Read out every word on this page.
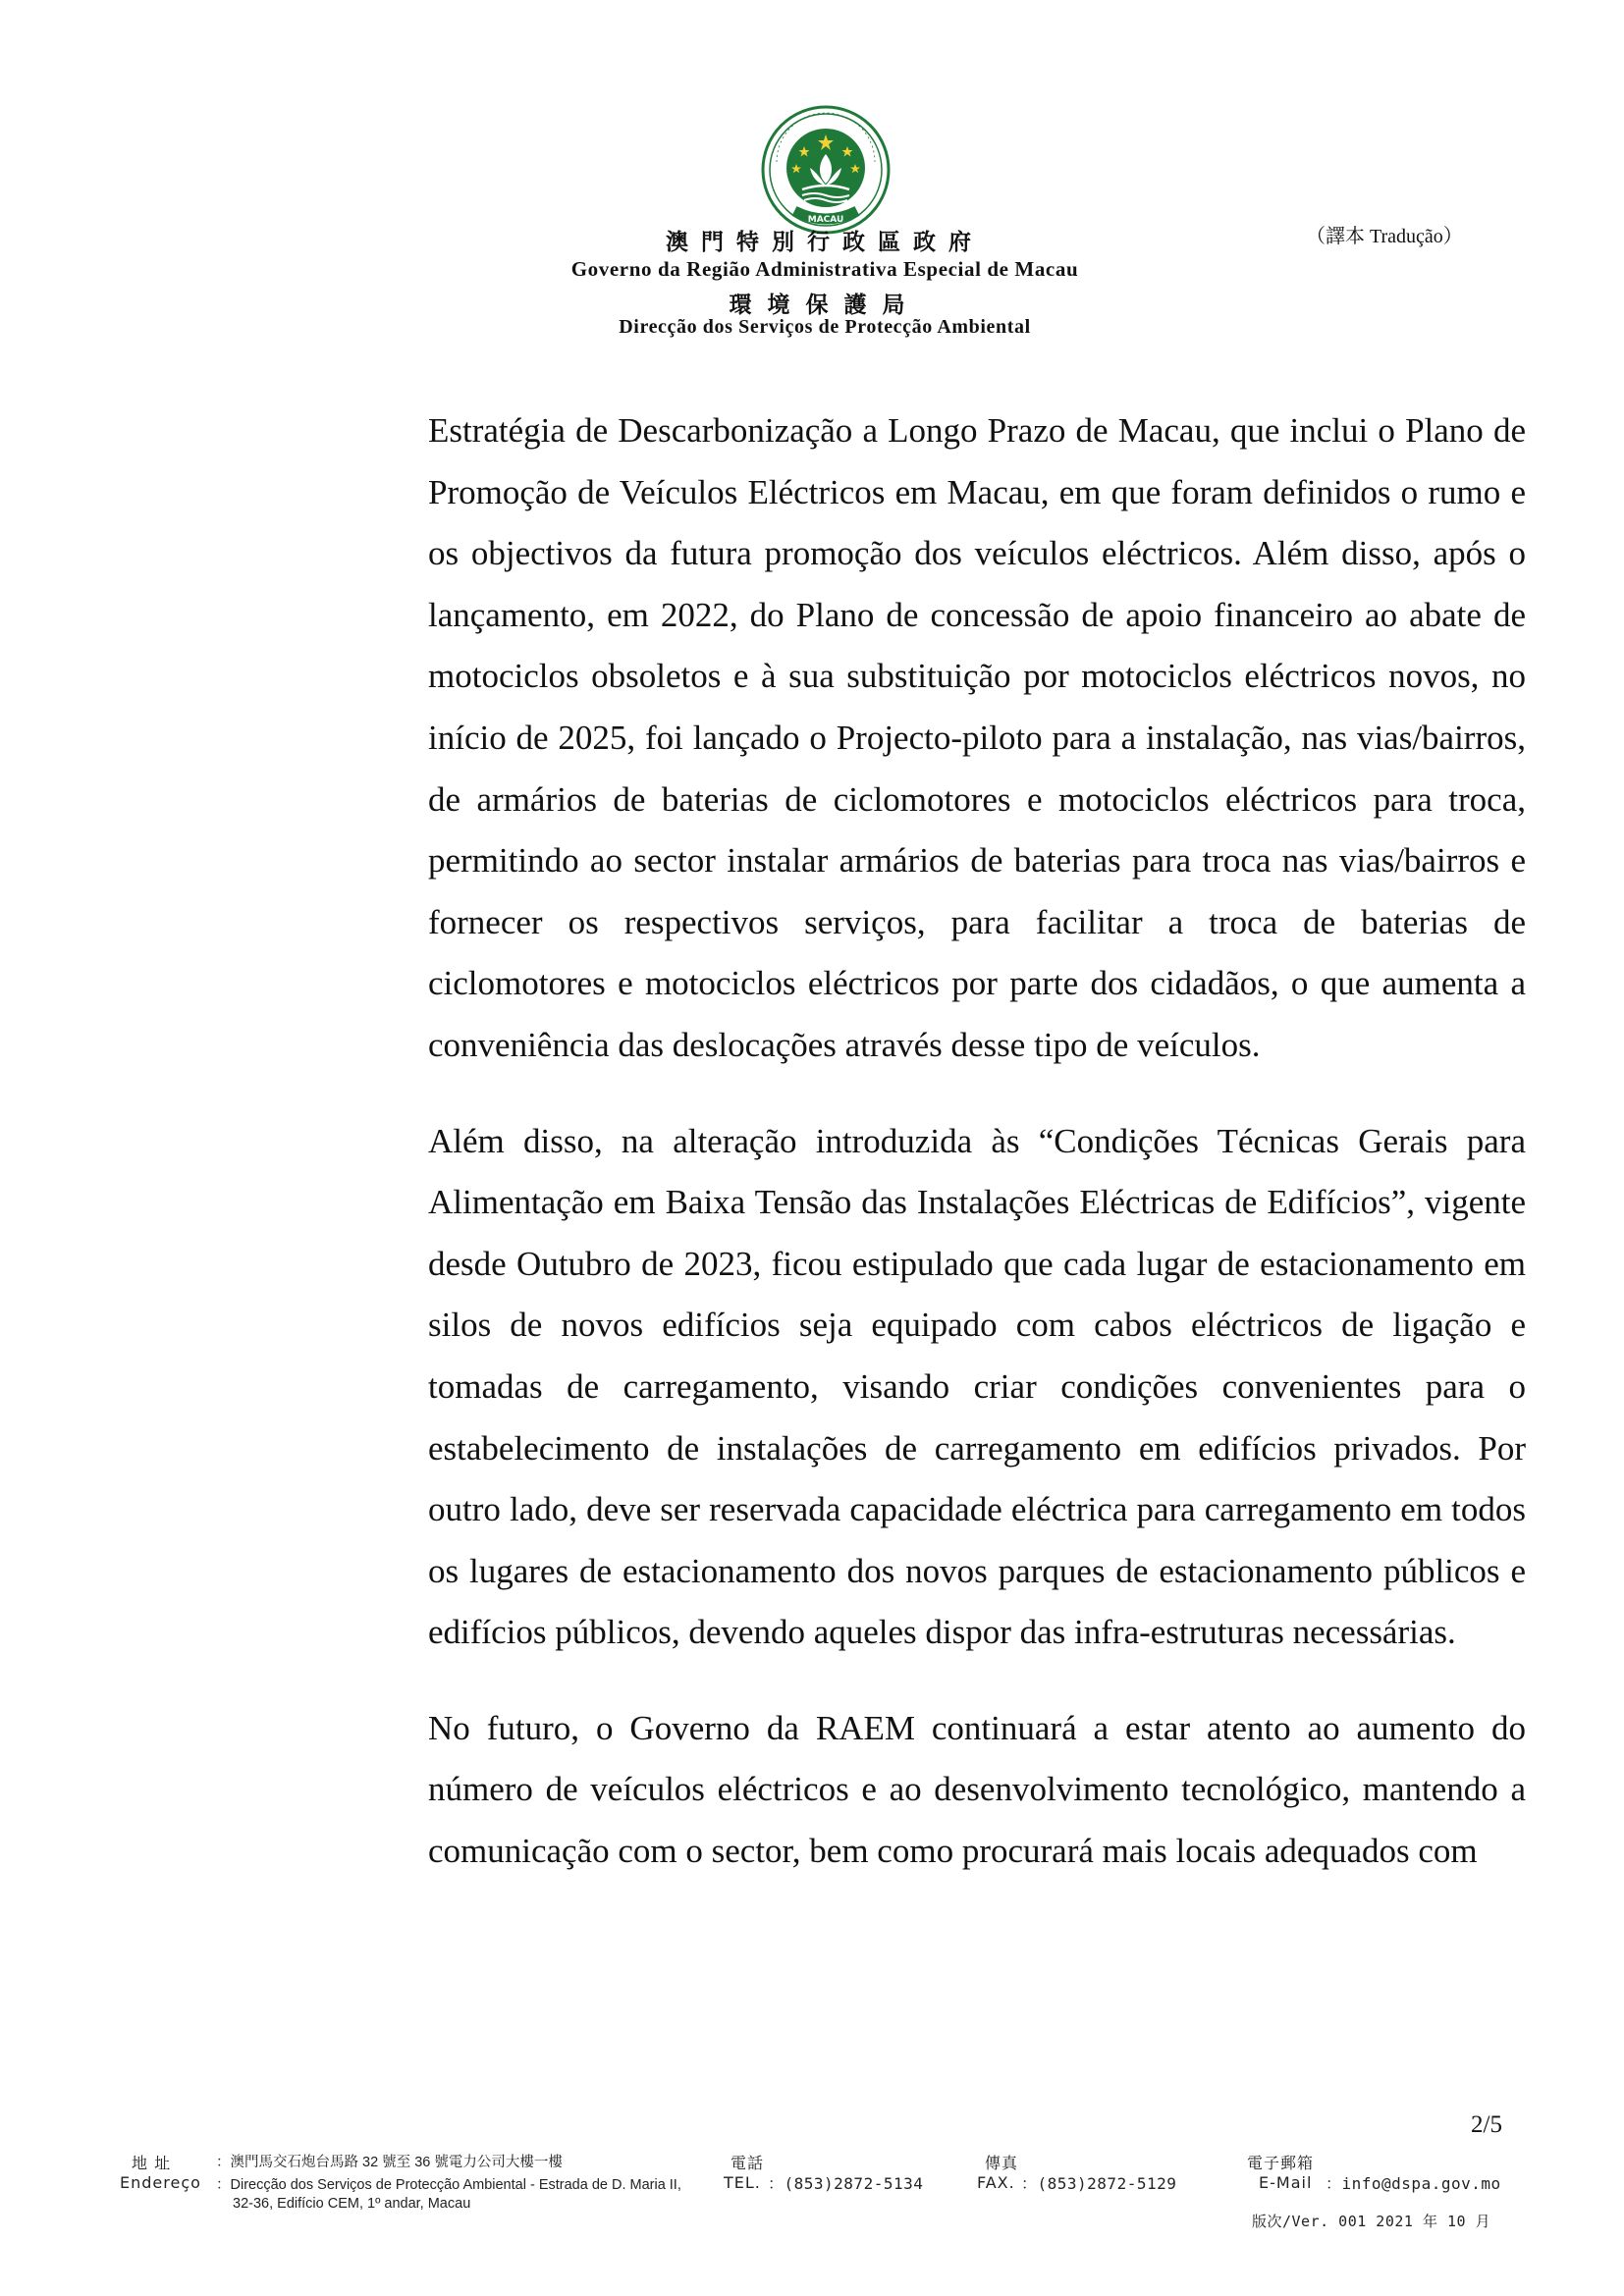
MACAU
澳門特別行政區政府
Governo da Região Administrativa Especial de Macau
環境保護局
Direcção dos Serviços de Protecção Ambiental
（譯本 Tradução）

Estratégia de Descarbonização a Longo Prazo de Macau, que inclui o Plano de Promoção de Veículos Eléctricos em Macau, em que foram definidos o rumo e os objectivos da futura promoção dos veículos eléctricos. Além disso, após o lançamento, em 2022, do Plano de concessão de apoio financeiro ao abate de motociclos obsoletos e à sua substituição por motociclos eléctricos novos, no início de 2025, foi lançado o Projecto-piloto para a instalação, nas vias/bairros, de armários de baterias de ciclomotores e motociclos eléctricos para troca, permitindo ao sector instalar armários de baterias para troca nas vias/bairros e fornecer os respectivos serviços, para facilitar a troca de baterias de ciclomotores e motociclos eléctricos por parte dos cidadãos, o que aumenta a conveniência das deslocações através desse tipo de veículos.

Além disso, na alteração introduzida às “Condições Técnicas Gerais para Alimentação em Baixa Tensão das Instalações Eléctricas de Edifícios”, vigente desde Outubro de 2023, ficou estipulado que cada lugar de estacionamento em silos de novos edifícios seja equipado com cabos eléctricos de ligação e tomadas de carregamento, visando criar condições convenientes para o estabelecimento de instalações de carregamento em edifícios privados. Por outro lado, deve ser reservada capacidade eléctrica para carregamento em todos os lugares de estacionamento dos novos parques de estacionamento públicos e edifícios públicos, devendo aqueles dispor das infra-estruturas necessárias.

No futuro, o Governo da RAEM continuará a estar atento ao aumento do número de veículos eléctricos e ao desenvolvimento tecnológico, mantendo a comunicação com o sector, bem como procurará mais locais adequados com

2/5
地 址
Endereço
：澳門馬交石炮台馬路 32 號至 36 號電力公司大樓一樓
：Direcção dos Serviços de Protecção Ambiental - Estrada de D. Maria II,
32-36, Edifício CEM, 1º andar, Macau
電話
TEL. ：(853)2872-5134
傳真
FAX. ：(853)2872-5129
電子郵箱
E-Mail ：info@dspa.gov.mo
版次/Ver. 001 2021 年 10 月
